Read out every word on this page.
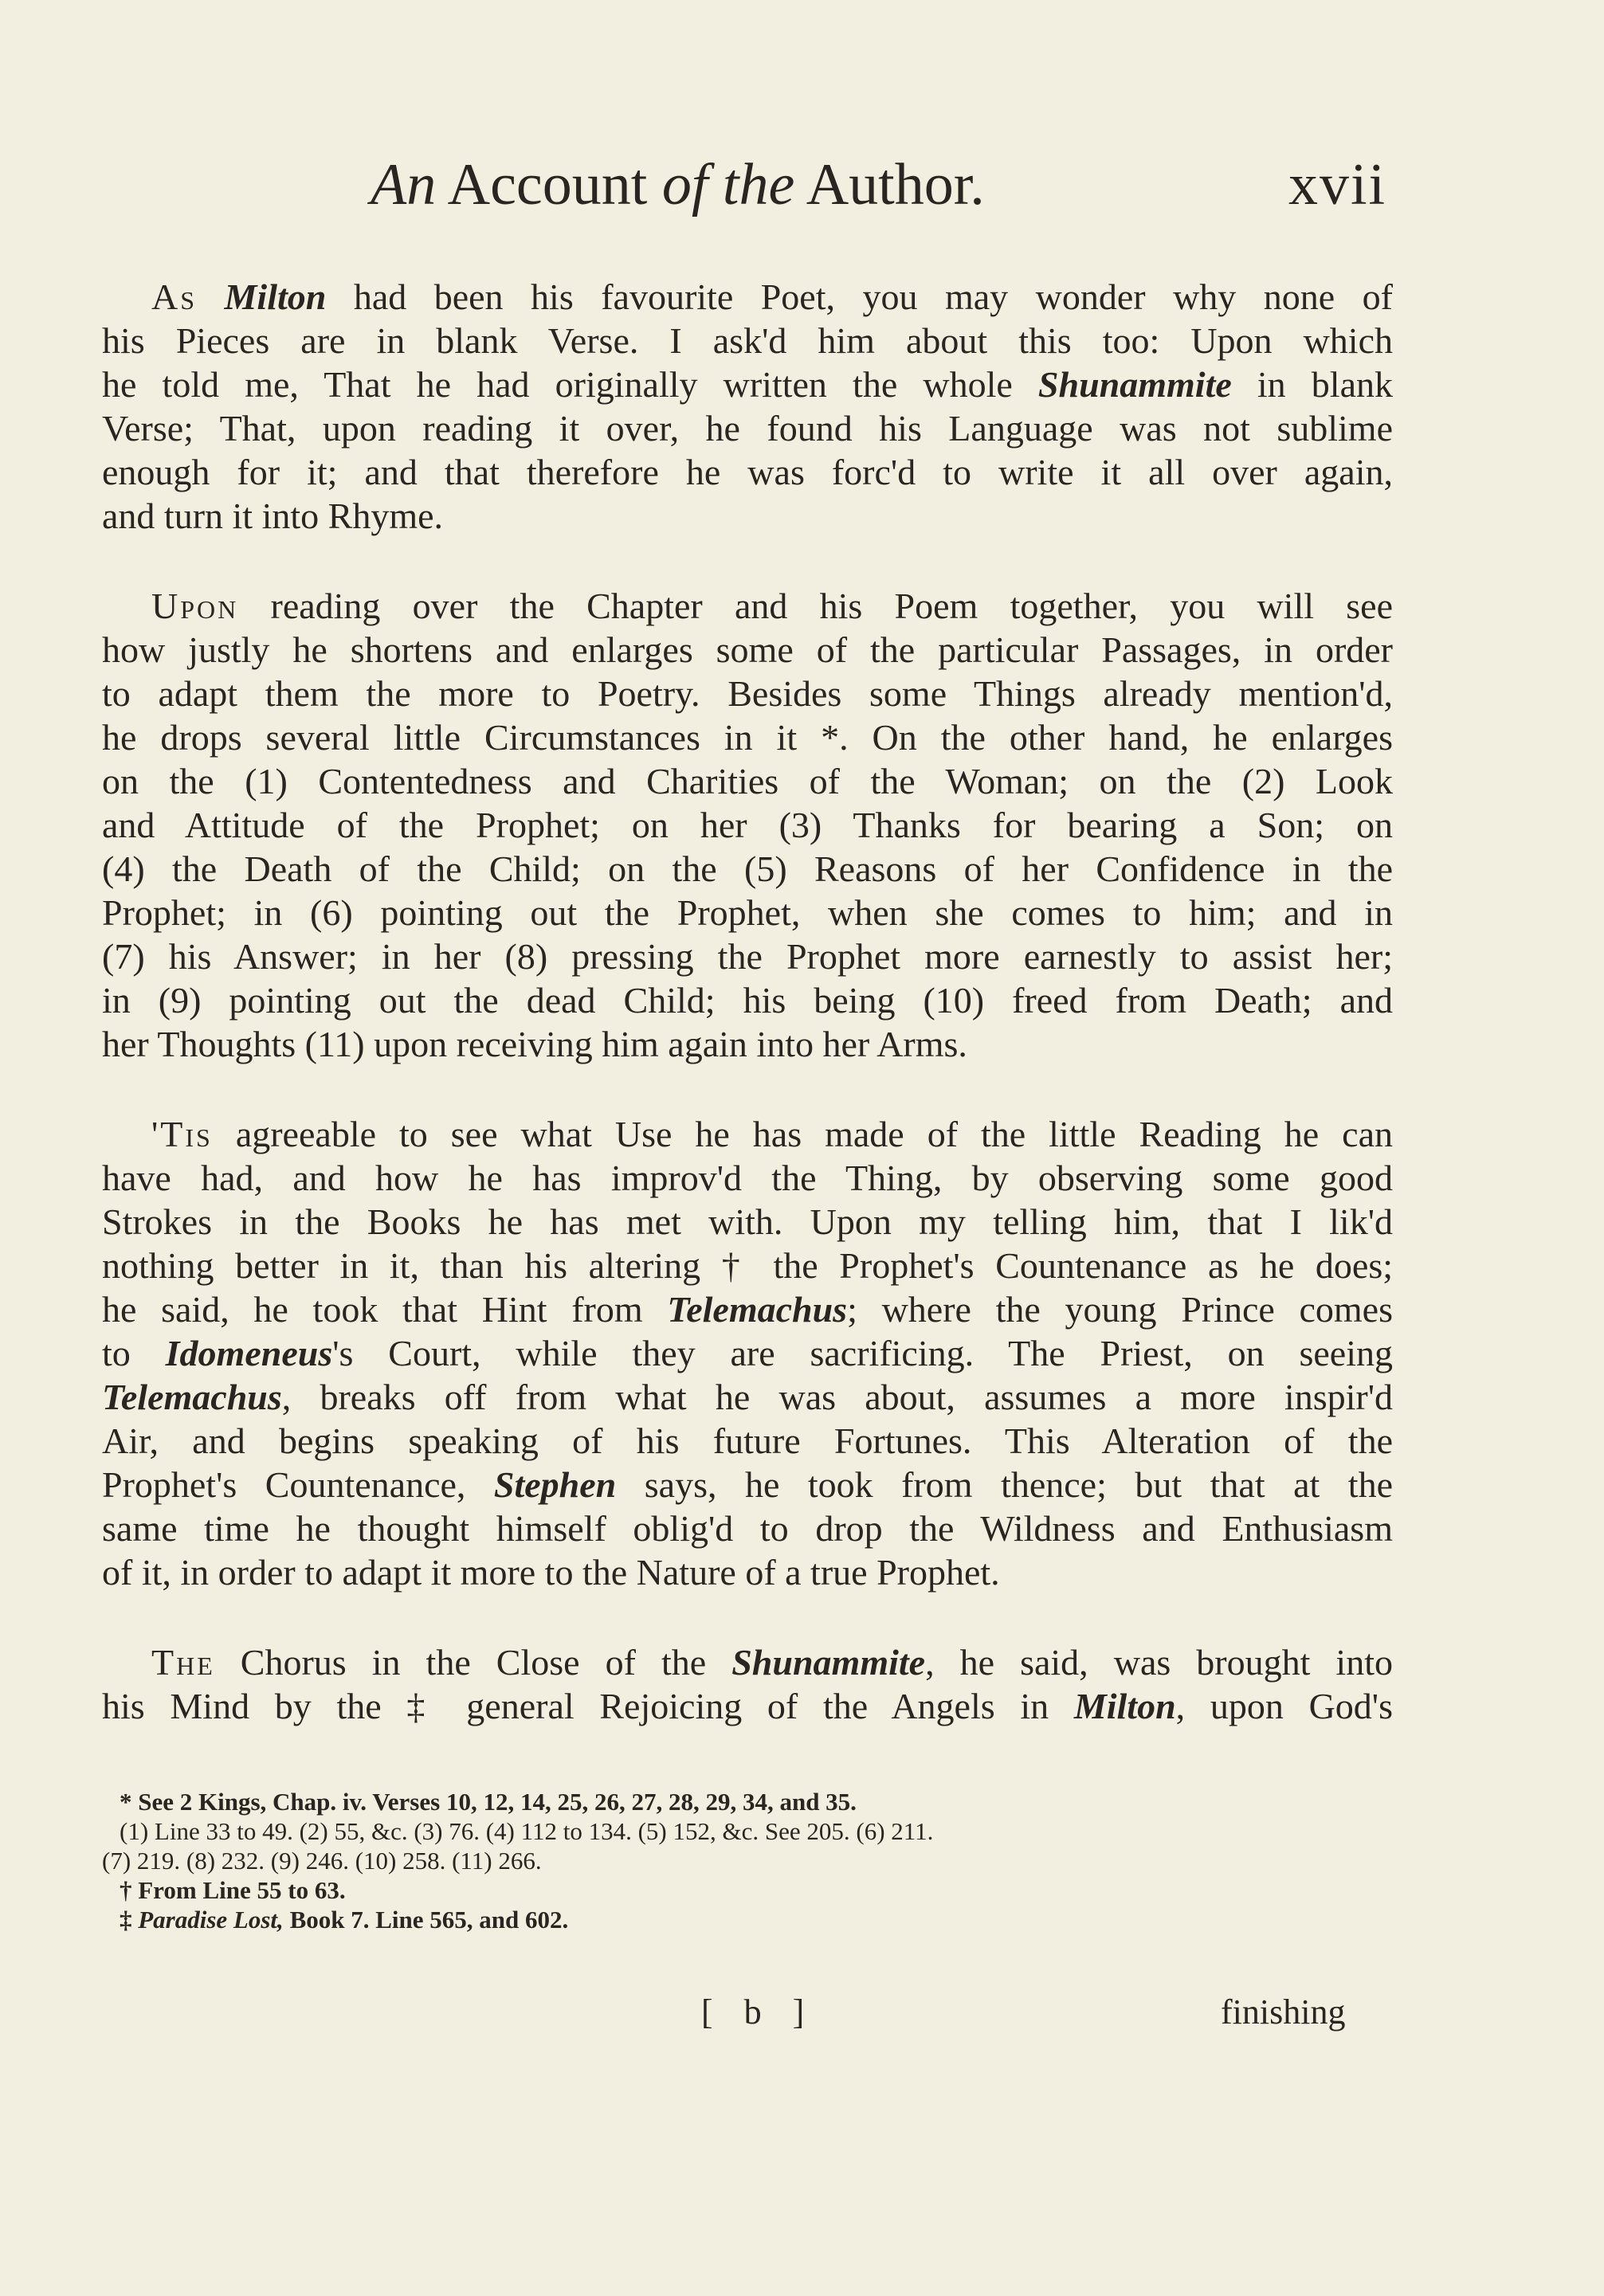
An Account of the Author.	xvii

As Milton had been his favourite Poet, you may wonder why none of
his Pieces are in blank Verse. I ask'd him about this too: Upon which
he told me, That he had originally written the whole Shunammite in blank
Verse; That, upon reading it over, he found his Language was not sublime
enough for it; and that therefore he was forc'd to write it all over again,
and turn it into Rhyme.

Upon reading over the Chapter and his Poem together, you will see
how justly he shortens and enlarges some of the particular Passages, in order
to adapt them the more to Poetry. Besides some Things already mention'd,
he drops several little Circumstances in it *. On the other hand, he enlarges
on the (1) Contentedness and Charities of the Woman; on the (2) Look
and Attitude of the Prophet; on her (3) Thanks for bearing a Son; on
(4) the Death of the Child; on the (5) Reasons of her Confidence in the
Prophet; in (6) pointing out the Prophet, when she comes to him; and in
(7) his Answer; in her (8) pressing the Prophet more earnestly to assist her;
in (9) pointing out the dead Child; his being (10) freed from Death; and
her Thoughts (11) upon receiving him again into her Arms.

'Tis agreeable to see what Use he has made of the little Reading he can
have had, and how he has improv'd the Thing, by observing some good
Strokes in the Books he has met with. Upon my telling him, that I lik'd
nothing better in it, than his altering † the Prophet's Countenance as he does;
he said, he took that Hint from Telemachus; where the young Prince comes
to Idomeneus's Court, while they are sacrificing. The Priest, on seeing
Telemachus, breaks off from what he was about, assumes a more inspir'd
Air, and begins speaking of his future Fortunes. This Alteration of the
Prophet's Countenance, Stephen says, he took from thence; but that at the
same time he thought himself oblig'd to drop the Wildness and Enthusiasm
of it, in order to adapt it more to the Nature of a true Prophet.

The Chorus in the Close of the Shunammite, he said, was brought into
his Mind by the ‡ general Rejoicing of the Angels in Milton, upon God's

* See 2 Kings, Chap. iv. Verses 10, 12, 14, 25, 26, 27, 28, 29, 34, and 35.
(1) Line 33 to 49. (2) 55, &c. (3) 76. (4) 112 to 134. (5) 152, &c. See 205. (6) 211.
(7) 219. (8) 232. (9) 246. (10) 258. (11) 266.
† From Line 55 to 63.
‡ Paradise Lost, Book 7. Line 565, and 602.
[ b ]	finishing
